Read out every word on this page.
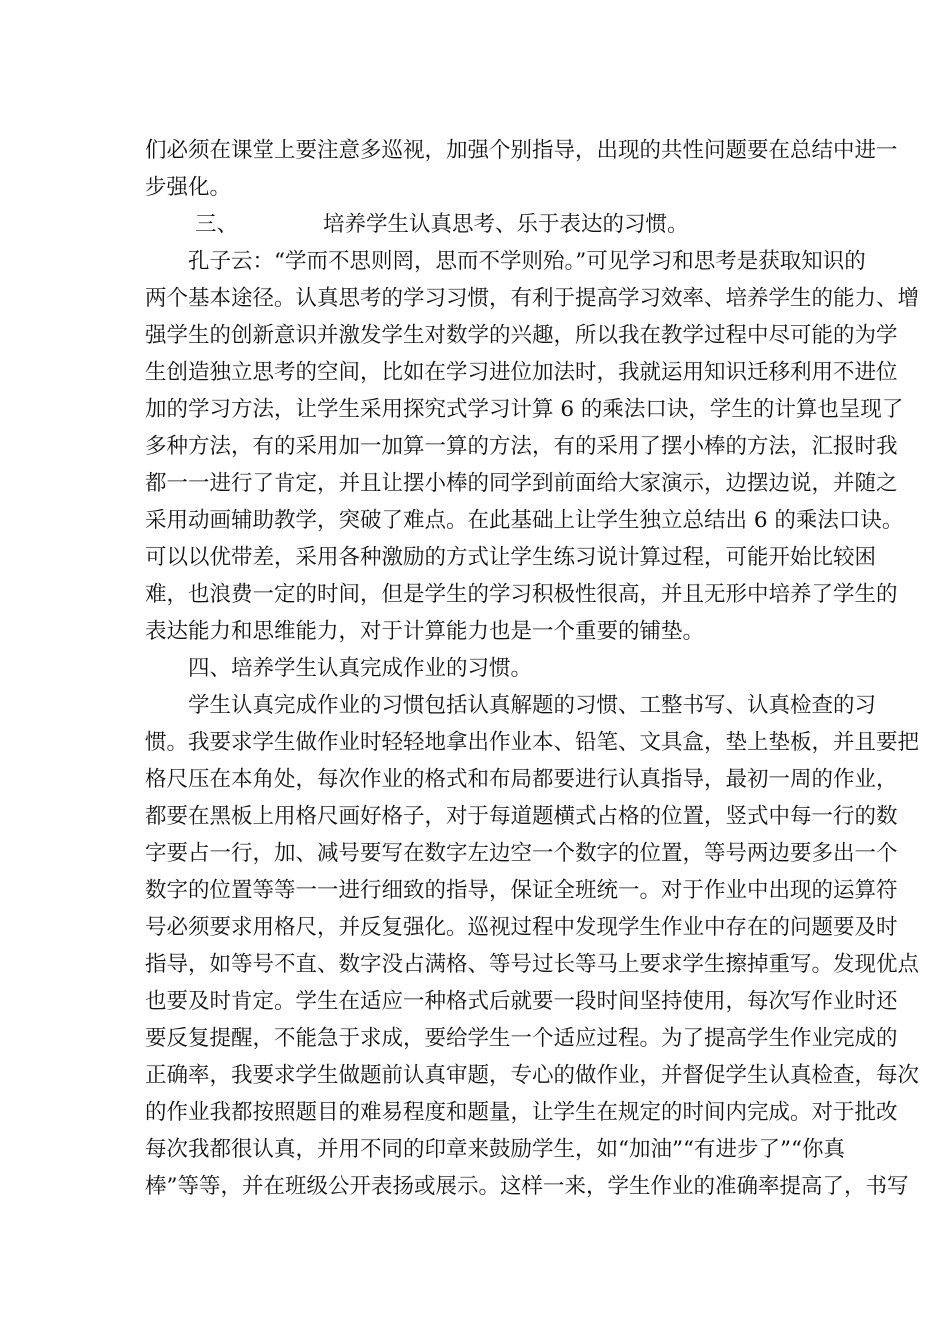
们必须在课堂上要注意多巡视，加强个别指导，出现的共性问题要在总结中进一
步强化。
三、	培养学生认真思考、乐于表达的习惯。
孔子云：“学而不思则罔，思而不学则殆。”可见学习和思考是获取知识的
两个基本途径。认真思考的学习习惯，有利于提高学习效率、培养学生的能力、增
强学生的创新意识并激发学生对数学的兴趣，所以我在教学过程中尽可能的为学
生创造独立思考的空间，比如在学习进位加法时，我就运用知识迁移利用不进位
加的学习方法，让学生采用探究式学习计算 6 的乘法口诀，学生的计算也呈现了
多种方法，有的采用加一加算一算的方法，有的采用了摆小棒的方法，汇报时我
都一一进行了肯定，并且让摆小棒的同学到前面给大家演示，边摆边说，并随之
采用动画辅助教学，突破了难点。在此基础上让学生独立总结出 6 的乘法口诀。
可以以优带差，采用各种激励的方式让学生练习说计算过程，可能开始比较困
难，也浪费一定的时间，但是学生的学习积极性很高，并且无形中培养了学生的
表达能力和思维能力，对于计算能力也是一个重要的铺垫。
四、培养学生认真完成作业的习惯。
学生认真完成作业的习惯包括认真解题的习惯、工整书写、认真检查的习
惯。我要求学生做作业时轻轻地拿出作业本、铅笔、文具盒，垫上垫板，并且要把
格尺压在本角处，每次作业的格式和布局都要进行认真指导，最初一周的作业，
都要在黑板上用格尺画好格子，对于每道题横式占格的位置，竖式中每一行的数
字要占一行，加、减号要写在数字左边空一个数字的位置，等号两边要多出一个
数字的位置等等一一进行细致的指导，保证全班统一。对于作业中出现的运算符
号必须要求用格尺，并反复强化。巡视过程中发现学生作业中存在的问题要及时
指导，如等号不直、数字没占满格、等号过长等马上要求学生擦掉重写。发现优点
也要及时肯定。学生在适应一种格式后就要一段时间坚持使用，每次写作业时还
要反复提醒，不能急于求成，要给学生一个适应过程。为了提高学生作业完成的
正确率，我要求学生做题前认真审题，专心的做作业，并督促学生认真检查，每次
的作业我都按照题目的难易程度和题量，让学生在规定的时间内完成。对于批改
每次我都很认真，并用不同的印章来鼓励学生，如“加油”“有进步了”“你真
棒”等等，并在班级公开表扬或展示。这样一来，学生作业的准确率提高了，书写
